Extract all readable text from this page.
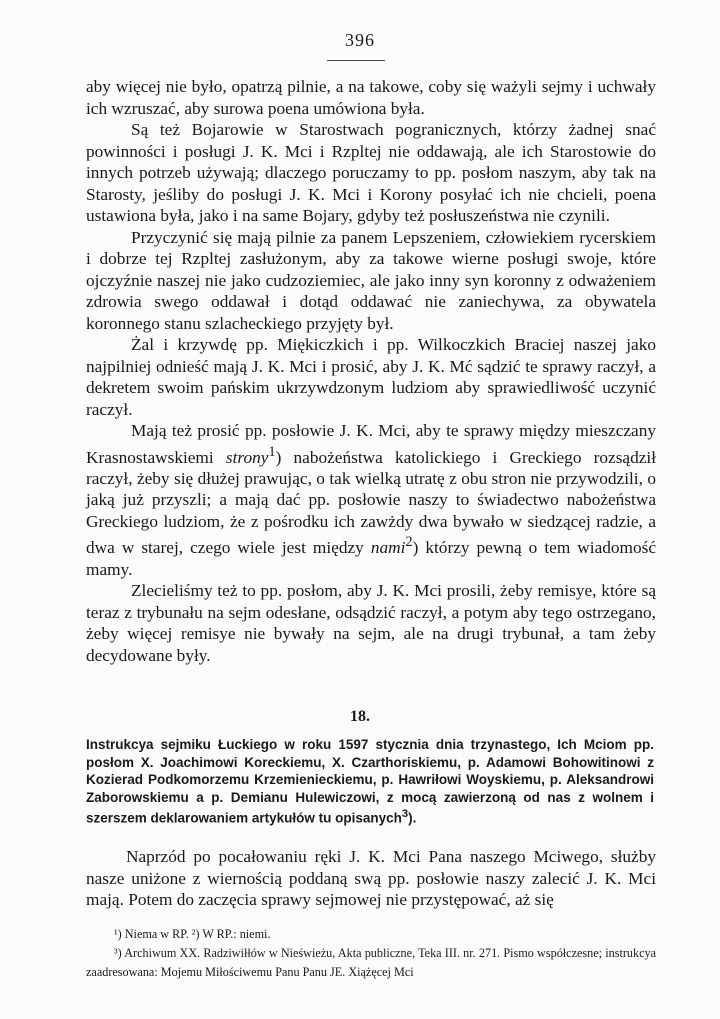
396

aby więcej nie było, opatrzą pilnie, a na takowe, coby się ważyli sejmy i uchwały ich wzruszać, aby surowa poena umówiona była.

Są też Bojarowie w Starostwach pogranicznych, którzy żadnej snać powinności i posługi J. K. Mci i Rzpltej nie oddawają, ale ich Starostowie do innych potrzeb używają; dlaczego poruczamy to pp. posłom naszym, aby tak na Starosty, jeśliby do posługi J. K. Mci i Korony posyłać ich nie chcieli, poena ustawiona była, jako i na same Bojary, gdyby też posłuszeństwa nie czynili.

Przyczynić się mają pilnie za panem Lepszeniem, człowiekiem rycerskiem i dobrze tej Rzpltej zasłużonym, aby za takowe wierne posługi swoje, które ojczyźnie naszej nie jako cudzoziemiec, ale jako inny syn koronny z odważeniem zdrowia swego oddawał i dotąd oddawać nie zaniechywa, za obywatela koronnego stanu szlacheckiego przyjęty był.

Żal i krzywdę pp. Miękiczkich i pp. Wilkoczkich Braciej naszej jako najpilniej odnieść mają J. K. Mci i prosić, aby J. K. Mć sądzić te sprawy raczył, a dekretem swoim pańskim ukrzywdzonym ludziom aby sprawiedliwość uczynić raczył.

Mają też prosić pp. posłowie J. K. Mci, aby te sprawy między mieszczany Krasnostawskiemi strony$^1$) nabożeństwa katolickiego i Greckiego rozsądził raczył, żeby się dłużej prawując, o tak wielką utratę z obu stron nie przywodzili, o jaką już przyszli; a mają dać pp. posłowie naszy to świadectwo nabożeństwa Greckiego ludziom, że z pośrodku ich zawżdy dwa bywało w siedzącej radzie, a dwa w starej, czego wiele jest między nami$^2$) którzy pewną o tem wiadomość mamy.

Zlecieliśmy też to pp. posłom, aby J. K. Mci prosili, żeby remisye, które są teraz z trybunału na sejm odesłane, odsądzić raczył, a potym aby tego ostrzegano, żeby więcej remisye nie bywały na sejm, ale na drugi trybunał, a tam żeby decydowane były.

18.
Instrukcya sejmiku Łuckiego w roku 1597 stycznia dnia trzynastego, Ich Mciom pp. posłom X. Joachimowi Koreckiemu, X. Czarthoriskiemu, p. Adamowi Bohowitinowi z Kozierad Podkomorzemu Krzemienieckiemu, p. Hawriłowi Woyskiemu, p. Aleksandrowi Zaborowskiemu a p. Demianu Hulewiczowi, z mocą zawierzoną od nas z wolnem i szerszem deklarowaniem artykułów tu opisanych$^3$).

Naprzód po pocałowaniu ręki J. K. Mci Pana naszego Mciwego, służby nasze uniżone z wiernością poddaną swą pp. posłowie naszy zalecić J. K. Mci mają. Potem do zaczęcia sprawy sejmowej nie przystępować, aż się

¹) Niema w RP. ²) W RP.: niemi.

³) Archiwum XX. Radziwiłłów w Nieświeżu, Akta publiczne, Teka III. nr. 271. Pismo współczesne; instrukcya zaadresowana: Mojemu Miłościwemu Panu Panu JE. Xiążęcej Mci
